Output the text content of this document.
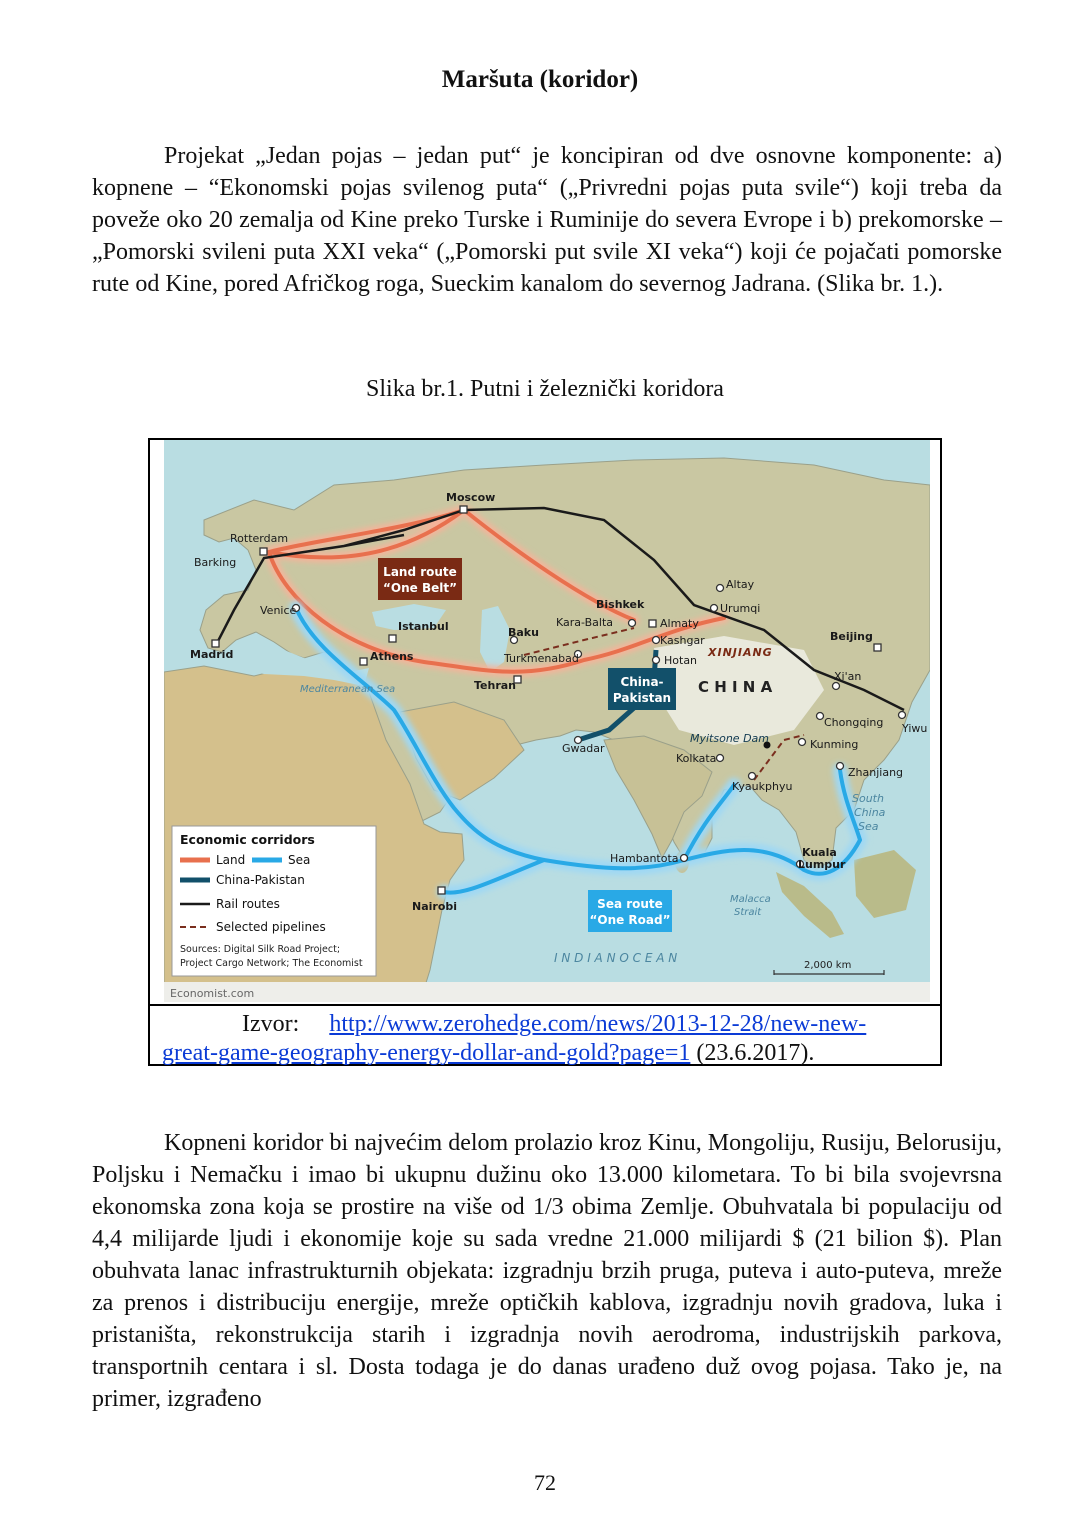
Maršuta (koridor)

Projekat „Jedan pojas – jedan put“ je koncipiran od dve osnovne komponente: a) kopnene – “Ekonomski pojas svilenog puta“ („Privredni pojas puta svile“) koji treba da poveže oko 20 zemalja od Kine preko Turske i Ruminije do severa Evrope i b) prekomorske – „Pomorski svileni puta XXI veka“ („Pomorski put svile XI veka“) koji će pojačati pomorske rute od Kine, pored Afričkog roga, Sueckim kanalom do severnog Jadrana. (Slika br. 1.).

Slika br.1. Putni i železnički koridora
Moscow
Rotterdam
Barking
Venice
Madrid
Istanbul
Athens
Baku
Turkmenabad
Tehran
Bishkek
Kara-Balta	Almaty
Kashgar
Hotan
Altay
Urumqi
Beijing
Xi'an
Yiwu
Chongqing
Kunming
Zhanjiang
Myitsone Dam
Kolkata
Kyaukphyu
Gwadar
Hambantota	Kuala
Lumpur
Nairobi
XINJIANG
C H I N A
Mediterranean Sea
South
China
Sea
Malacca
Strait
I N D I A N O C E A N
Land route
“One Belt”
China-
Pakistan
Sea route
“One Road”
Economic corridors
Land	Sea
China-Pakistan
Rail routes
Selected pipelines
Sources: Digital Silk Road Project;
Project Cargo Network; The Economist	2,000 km
Economist.com
Izvor: http://www.zerohedge.com/news/2013-12-28/new-new-
great-game-geography-energy-dollar-and-gold?page=1 (23.6.2017).

Kopneni koridor bi najvećim delom prolazio kroz Kinu, Mongoliju, Rusiju, Belorusiju, Poljsku i Nemačku i imao bi ukupnu dužinu oko 13.000 kilometara. To bi bila svojevrsna ekonomska zona koja se prostire na više od 1/3 obima Zemlje. Obuhvatala bi populaciju od 4,4 milijarde ljudi i ekonomije koje su sada vredne 21.000 milijardi $ (21 bilion $). Plan obuhvata lanac infrastrukturnih objekata: izgradnju brzih pruga, puteva i auto-puteva, mreže za prenos i distribuciju energije, mreže optičkih kablova, izgradnju novih gradova, luka i pristaništa, rekonstrukcija starih i izgradnja novih aerodroma, industrijskih parkova, transportnih centara i sl. Dosta todaga je do danas urađeno duž ovog pojasa. Tako je, na primer, izgrađeno

72
